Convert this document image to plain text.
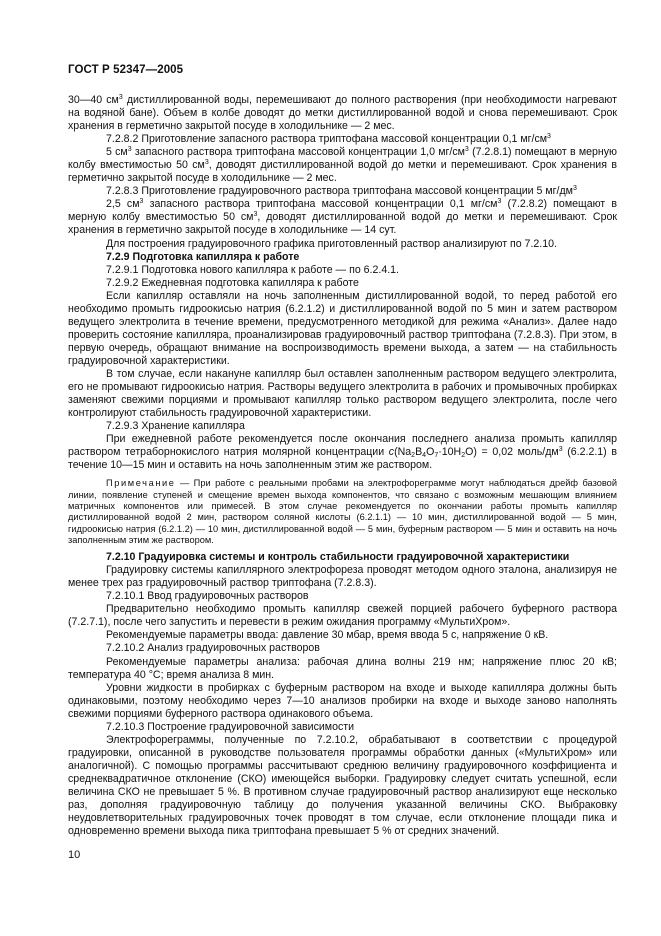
ГОСТ Р 52347—2005

30—40 $см^3$ дистиллированной воды, перемешивают до полного растворения (при необходимости нагревают на водяной бане). Объем в колбе доводят до метки дистиллированной водой и снова перемешивают. Срок хранения в герметично закрытой посуде в холодильнике — 2 мес.

7.2.8.2 Приготовление запасного раствора триптофана массовой концентрации 0,1 $мг/см^3$

5 $см^3$ запасного раствора триптофана массовой концентрации 1,0 $мг/см^3$ (7.2.8.1) помещают в мерную колбу вместимостью 50 $см^3$, доводят дистиллированной водой до метки и перемешивают. Срок хранения в герметично закрытой посуде в холодильнике — 2 мес.

7.2.8.3 Приготовление градуировочного раствора триптофана массовой концентрации 5 $мг/дм^3$

2,5 $см^3$ запасного раствора триптофана массовой концентрации 0,1 $мг/см^3$ (7.2.8.2) помещают в мерную колбу вместимостью 50 $см^3$, доводят дистиллированной водой до метки и перемешивают. Срок хранения в герметично закрытой посуде в холодильнике — 14 сут.

Для построения градуировочного графика приготовленный раствор анализируют по 7.2.10.

7.2.9 Подготовка капилляра к работе

7.2.9.1 Подготовка нового капилляра к работе — по 6.2.4.1.

7.2.9.2 Ежедневная подготовка капилляра к работе

Если капилляр оставляли на ночь заполненным дистиллированной водой, то перед работой его необходимо промыть гидроокисью натрия (6.2.1.2) и дистиллированной водой по 5 мин и затем раствором ведущего электролита в течение времени, предусмотренного методикой для режима «Анализ». Далее надо проверить состояние капилляра, проанализировав градуировочный раствор триптофана (7.2.8.3). При этом, в первую очередь, обращают внимание на воспроизводимость времени выхода, а затем — на стабильность градуировочной характеристики.

В том случае, если накануне капилляр был оставлен заполненным раствором ведущего электролита, его не промывают гидроокисью натрия. Растворы ведущего электролита в рабочих и промывочных пробирках заменяют свежими порциями и промывают капилляр только раствором ведущего электролита, после чего контролируют стабильность градуировочной характеристики.

7.2.9.3 Хранение капилляра

При ежедневной работе рекомендуется после окончания последнего анализа промыть капилляр раствором тетраборнокислого натрия молярной концентрации $c(Na_2B_4O_7\cdot 10H_2O) = 0,02$ моль/$дм^3$ (6.2.2.1) в течение 10—15 мин и оставить на ночь заполненным этим же раствором.

Примечание — При работе с реальными пробами на электрофореграмме могут наблюдаться дрейф базовой линии, появление ступеней и смещение времен выхода компонентов, что связано с возможным мешающим влиянием матричных компонентов или примесей. В этом случае рекомендуется по окончании работы промыть капилляр дистиллированной водой 2 мин, раствором соляной кислоты (6.2.1.1) — 10 мин, дистиллированной водой — 5 мин, гидроокисью натрия (6.2.1.2) — 10 мин, дистиллированной водой — 5 мин, буферным раствором — 5 мин и оставить на ночь заполненным этим же раствором.

7.2.10 Градуировка системы и контроль стабильности градуировочной характеристики

Градуировку системы капиллярного электрофореза проводят методом одного эталона, анализируя не менее трех раз градуировочный раствор триптофана (7.2.8.3).

7.2.10.1 Ввод градуировочных растворов

Предварительно необходимо промыть капилляр свежей порцией рабочего буферного раствора (7.2.7.1), после чего запустить и перевести в режим ожидания программу «МультиХром».

Рекомендуемые параметры ввода: давление 30 мбар, время ввода 5 с, напряжение 0 кВ.

7.2.10.2 Анализ градуировочных растворов

Рекомендуемые параметры анализа: рабочая длина волны 219 нм; напряжение плюс 20 кВ; температура 40 °С; время анализа 8 мин.

Уровни жидкости в пробирках с буферным раствором на входе и выходе капилляра должны быть одинаковыми, поэтому необходимо через 7—10 анализов пробирки на входе и выходе заново наполнять свежими порциями буферного раствора одинакового объема.

7.2.10.3 Построение градуировочной зависимости

Электрофореграммы, полученные по 7.2.10.2, обрабатывают в соответствии с процедурой градуировки, описанной в руководстве пользователя программы обработки данных («МультиХром» или аналогичной). С помощью программы рассчитывают среднюю величину градуировочного коэффициента и среднеквадратичное отклонение (СКО) имеющейся выборки. Градуировку следует считать успешной, если величина СКО не превышает 5 %. В противном случае градуировочный раствор анализируют еще несколько раз, дополняя градуировочную таблицу до получения указанной величины СКО. Выбраковку неудовлетворительных градуировочных точек проводят в том случае, если отклонение площади пика и одновременно времени выхода пика триптофана превышает 5 % от средних значений.

10
